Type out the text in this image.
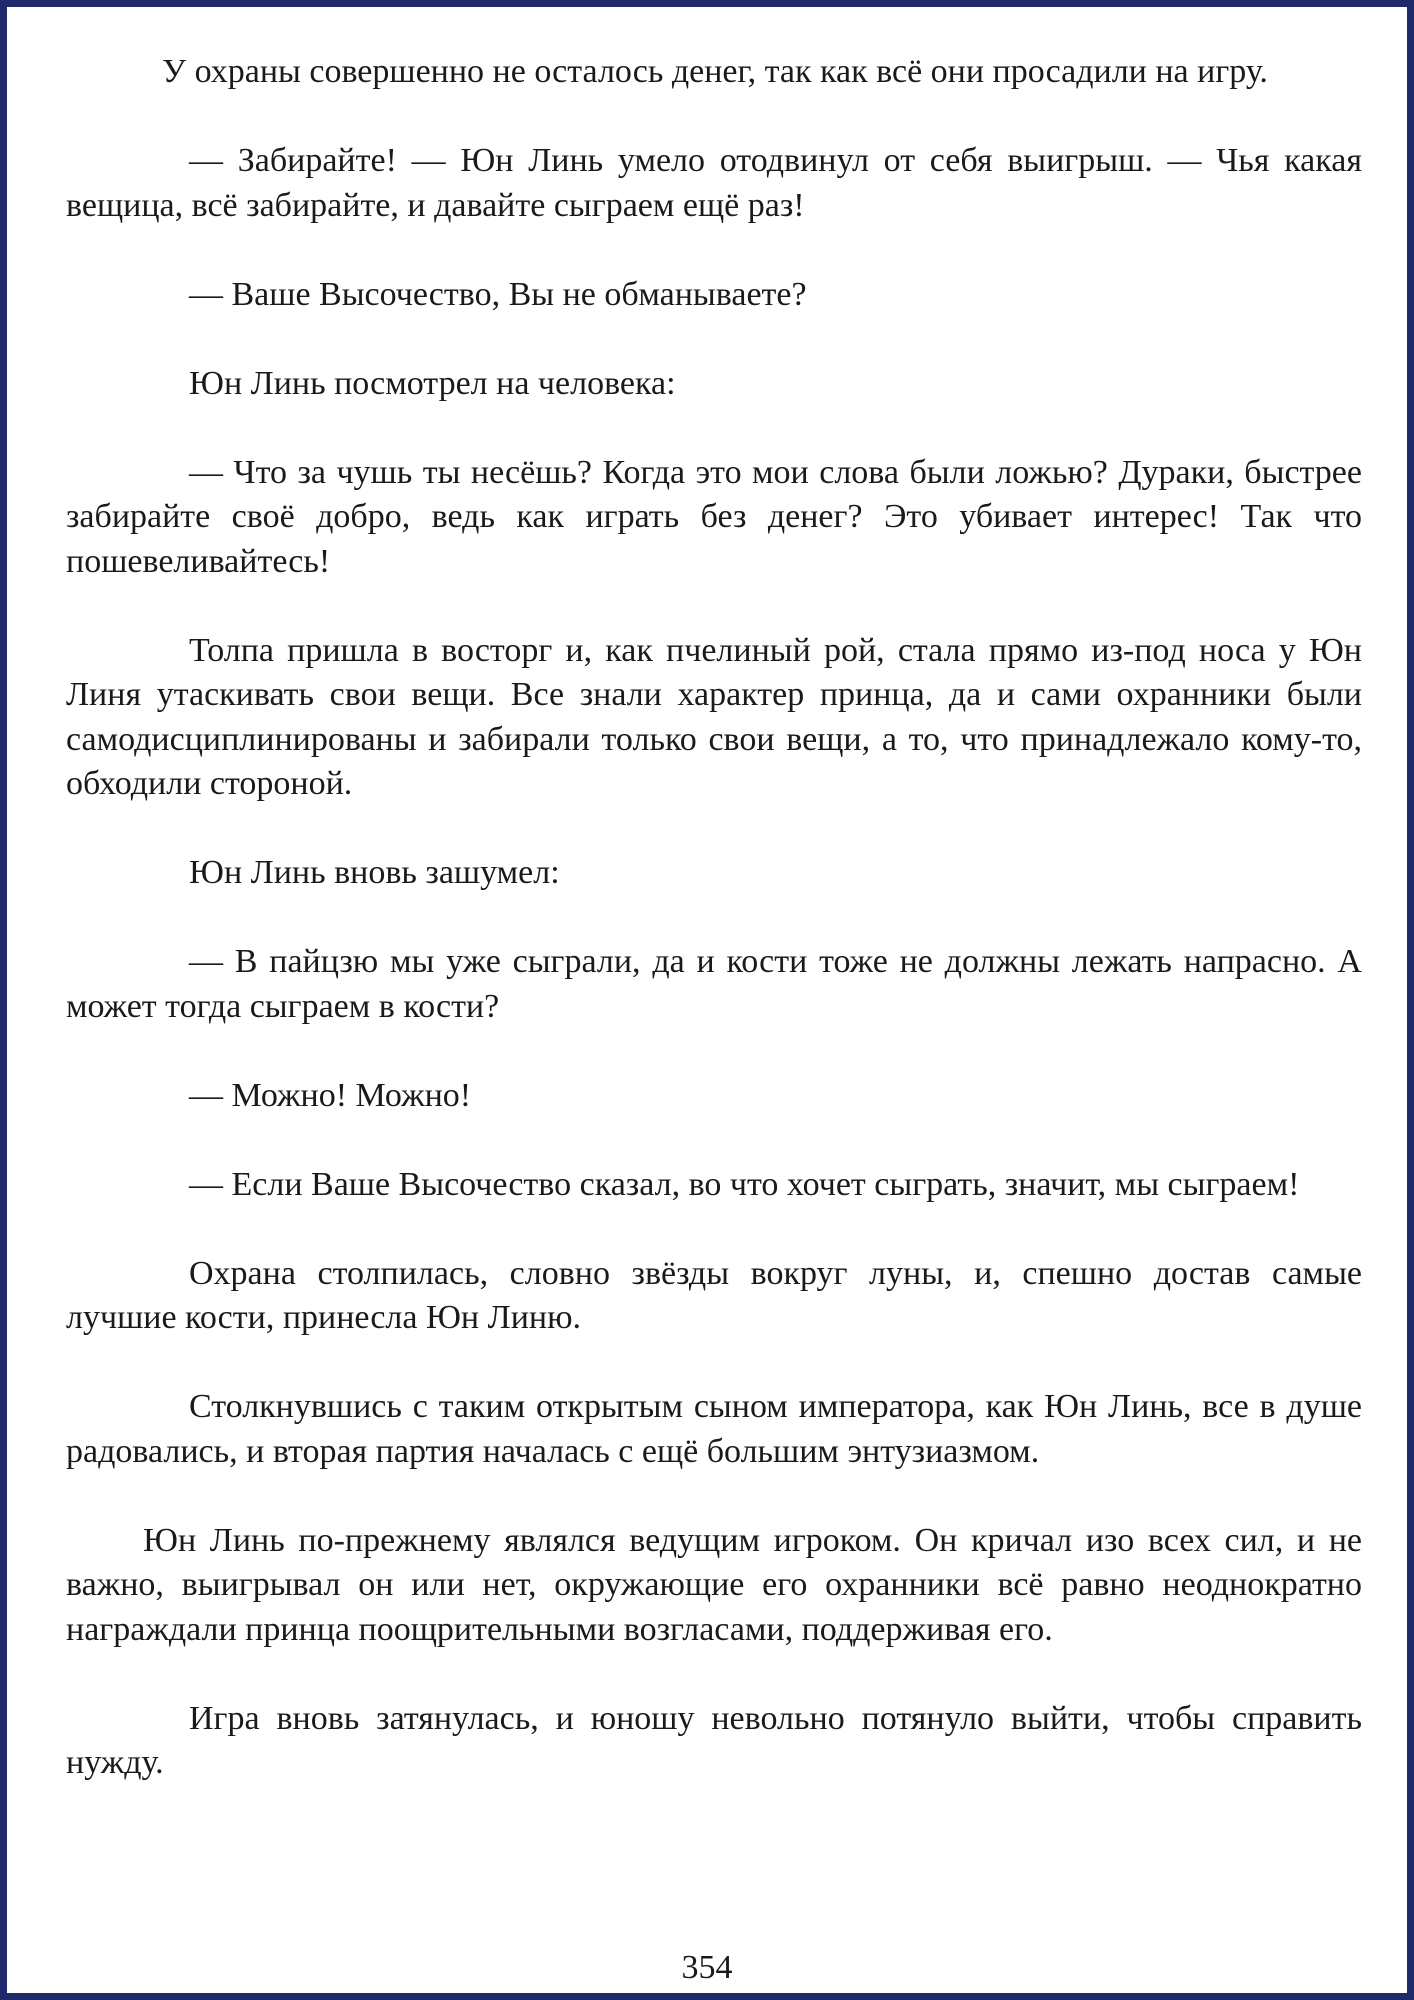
У охраны совершенно не осталось денег, так как всё они просадили на игру.

— Забирайте! — Юн Линь умело отодвинул от себя выигрыш. — Чья какая вещица, всё забирайте, и давайте сыграем ещё раз!

— Ваше Высочество, Вы не обманываете?

Юн Линь посмотрел на человека:

— Что за чушь ты несёшь? Когда это мои слова были ложью? Дураки, быстрее забирайте своё добро, ведь как играть без денег? Это убивает интерес! Так что пошевеливайтесь!

Толпа пришла в восторг и, как пчелиный рой, стала прямо из-под носа у Юн Линя утаскивать свои вещи. Все знали характер принца, да и сами охранники были самодисциплинированы и забирали только свои вещи, а то, что принадлежало кому-то, обходили стороной.

Юн Линь вновь зашумел:

— В пайцзю мы уже сыграли, да и кости тоже не должны лежать напрасно. А может тогда сыграем в кости?

— Можно! Можно!

— Если Ваше Высочество сказал, во что хочет сыграть, значит, мы сыграем!

Охрана столпилась, словно звёзды вокруг луны, и, спешно достав самые лучшие кости, принесла Юн Линю.

Столкнувшись с таким открытым сыном императора, как Юн Линь, все в душе радовались, и вторая партия началась с ещё большим энтузиазмом.

Юн Линь по-прежнему являлся ведущим игроком. Он кричал изо всех сил, и не важно, выигрывал он или нет, окружающие его охранники всё равно неоднократно награждали принца поощрительными возгласами, поддерживая его.

Игра вновь затянулась, и юношу невольно потянуло выйти, чтобы справить нужду.

354
